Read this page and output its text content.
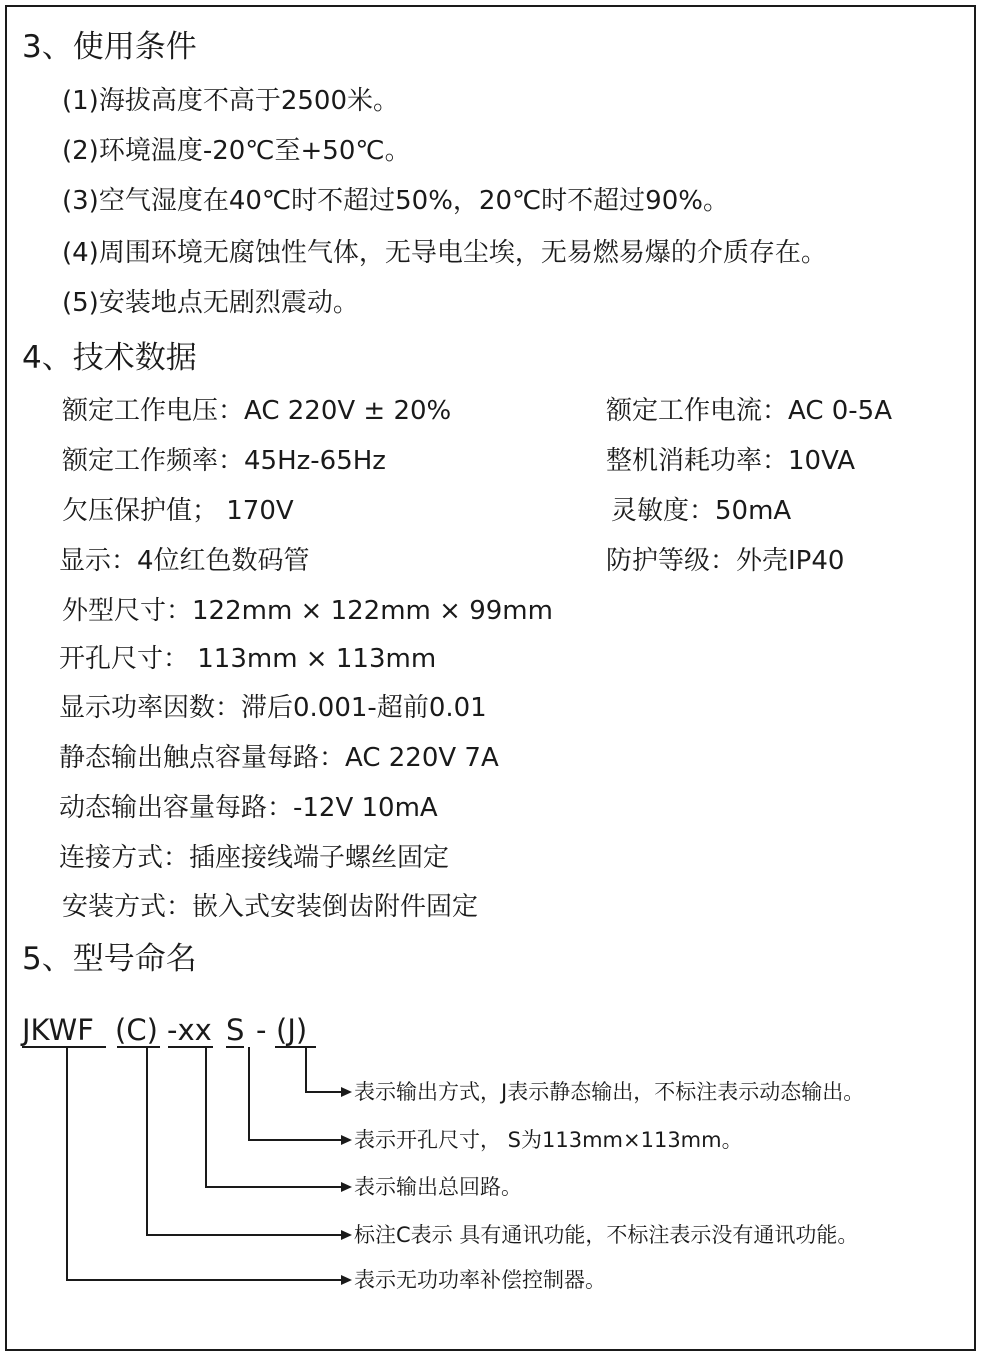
3、使用条件
(1)海拔高度不高于2500米。
(2)环境温度-20℃至+50℃。
(3)空气湿度在40℃时不超过50%，20℃时不超过90%。
(4)周围环境无腐蚀性气体，无导电尘埃，无易燃易爆的介质存在。
(5)安装地点无剧烈震动。
4、技术数据
额定工作电压：AC 220V ± 20%
额定工作频率：45Hz-65Hz
欠压保护值； 170V
显示：4位红色数码管
额定工作电流：AC 0-5A
整机消耗功率：10VA
灵敏度：50mA
防护等级：外壳IP40
外型尺寸：122mm × 122mm × 99mm
开孔尺寸： 113mm × 113mm
显示功率因数：滞后0.001-超前0.01
静态输出触点容量每路：AC 220V 7A
动态输出容量每路：-12V 10mA
连接方式：插座接线端子螺丝固定
安装方式：嵌入式安装倒齿附件固定
5、型号命名
JKWF (C) -xx S - (J)
表示输出方式，J表示静态输出，不标注表示动态输出。
表示开孔尺寸， S为113mm×113mm。
表示输出总回路。
标注C表示 具有通讯功能，不标注表示没有通讯功能。
表示无功功率补偿控制器。
